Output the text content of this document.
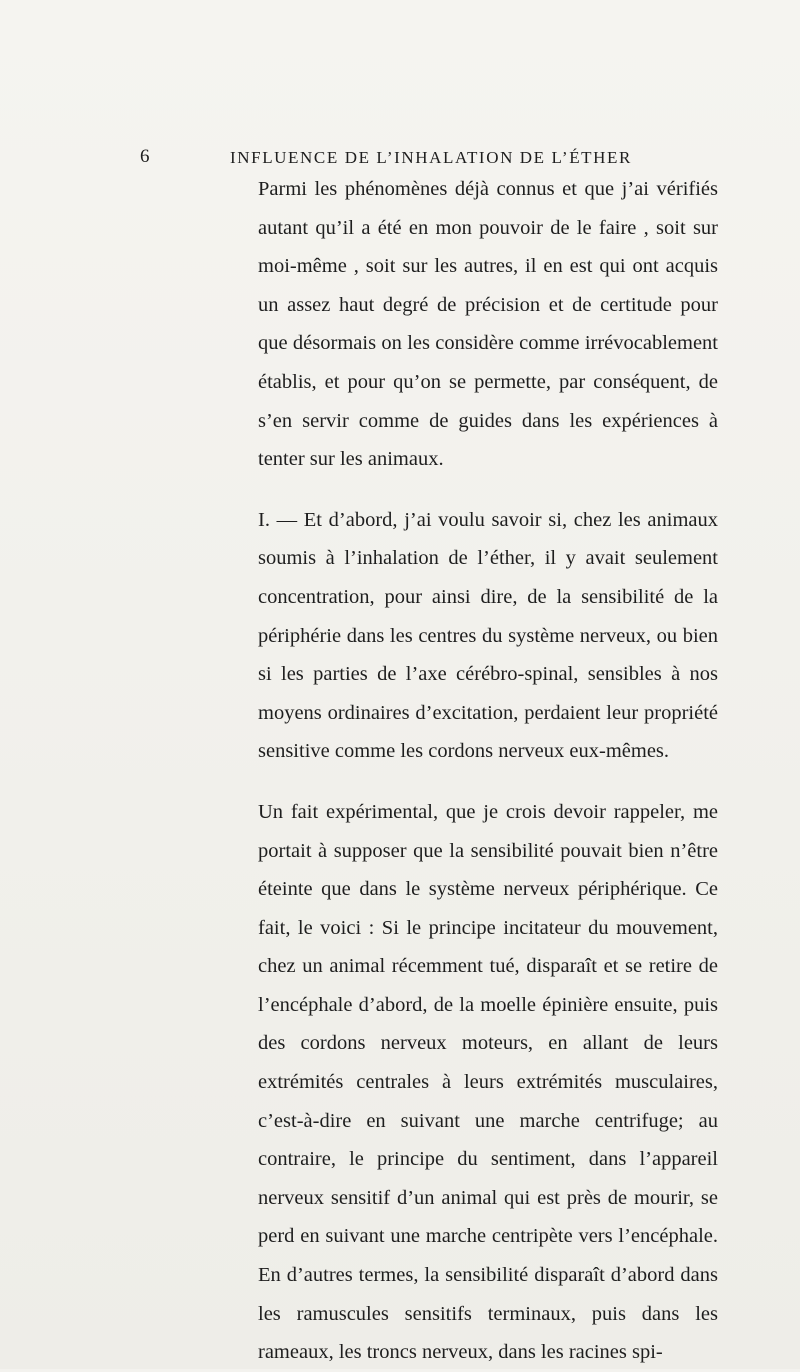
6	INFLUENCE DE L’INHALATION DE L’ÉTHER

Parmi les phénomènes déjà connus et que j’ai vérifiés autant qu’il a été en mon pouvoir de le faire , soit sur moi-même , soit sur les autres, il en est qui ont acquis un assez haut degré de précision et de certitude pour que désormais on les considère comme irrévocablement établis, et pour qu’on se permette, par conséquent, de s’en servir comme de guides dans les expériences à tenter sur les animaux.

I. — Et d’abord, j’ai voulu savoir si, chez les animaux soumis à l’inhalation de l’éther, il y avait seulement concentration, pour ainsi dire, de la sensibilité de la périphérie dans les centres du système nerveux, ou bien si les parties de l’axe cérébro-spinal, sensibles à nos moyens ordinaires d’excitation, perdaient leur propriété sensitive comme les cordons nerveux eux-mêmes.

Un fait expérimental, que je crois devoir rappeler, me portait à supposer que la sensibilité pouvait bien n’être éteinte que dans le système nerveux périphérique. Ce fait, le voici : Si le principe incitateur du mouvement, chez un animal récemment tué, disparaît et se retire de l’encéphale d’abord, de la moelle épinière ensuite, puis des cordons nerveux moteurs, en allant de leurs extrémités centrales à leurs extrémités musculaires, c’est-à-dire en suivant une marche centrifuge; au contraire, le principe du sentiment, dans l’appareil nerveux sensitif d’un animal qui est près de mourir, se perd en suivant une marche centripète vers l’encéphale. En d’autres termes, la sensibilité disparaît d’abord dans les ramuscules sensitifs terminaux, puis dans les rameaux, les troncs nerveux, dans les racines spi-
